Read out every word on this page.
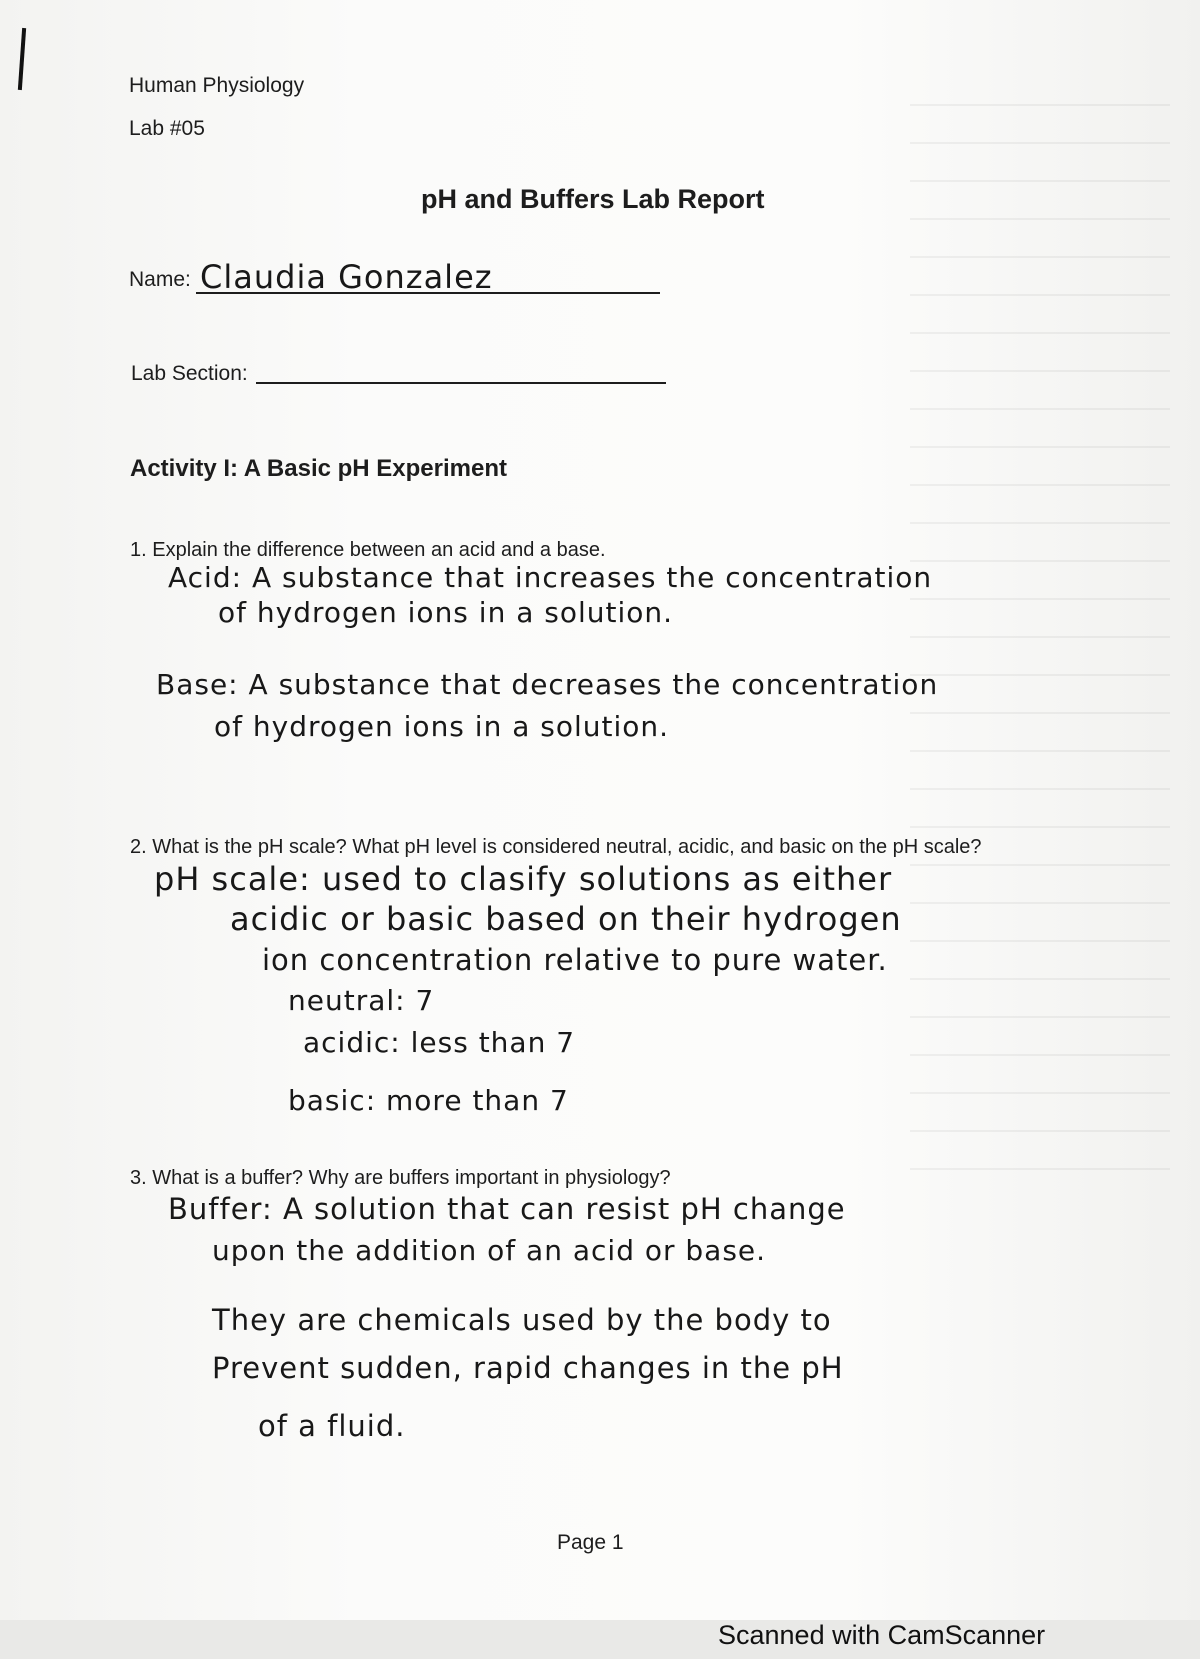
Human Physiology
Lab #05
pH and Buffers Lab Report
Name: Claudia Gonzalez
Lab Section:
Activity I: A Basic pH Experiment
1. Explain the difference between an acid and a base.
Acid: A substance that increases the concentration
of hydrogen ions in a solution.
Base: A substance that decreases the concentration
of hydrogen ions in a solution.
2. What is the pH scale? What pH level is considered neutral, acidic, and basic on the pH scale?
pH scale: used to clasify solutions as either
acidic or basic based on their hydrogen
ion concentration relative to pure water.
neutral: 7
acidic: less than 7
basic: more than 7
3. What is a buffer? Why are buffers important in physiology?
Buffer: A solution that can resist pH change
upon the addition of an acid or base.
They are chemicals used by the body to
Prevent sudden, rapid changes in the pH
of a fluid.
Page 1
Scanned with CamScanner
